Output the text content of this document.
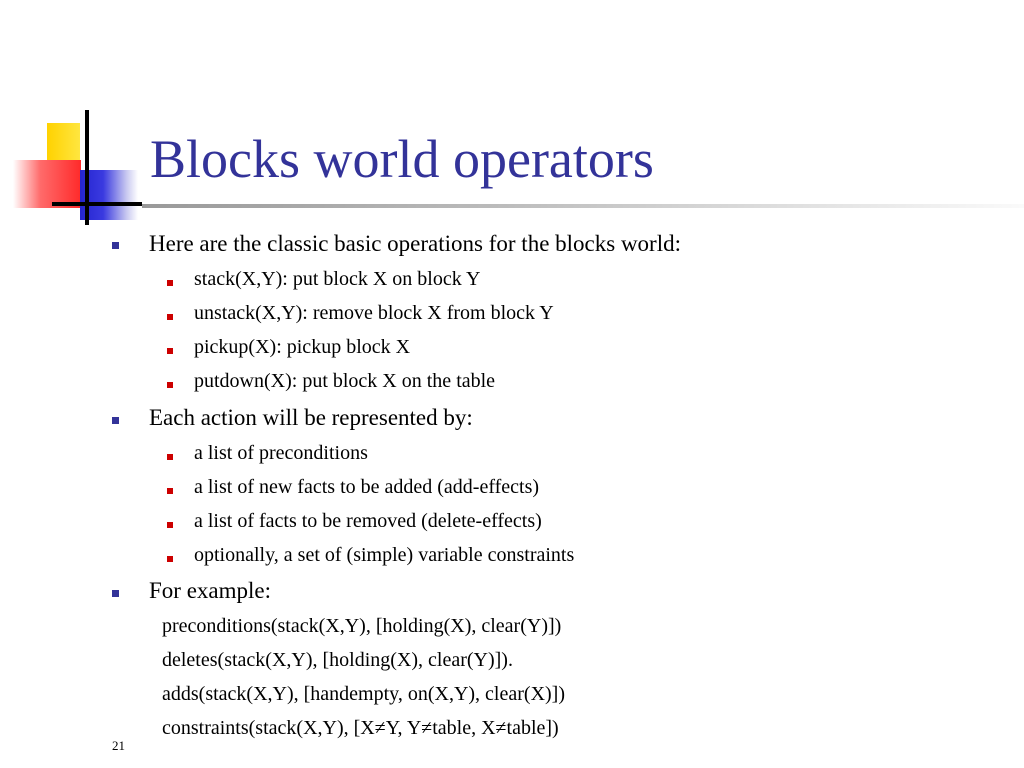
Blocks world operators
Here are the classic basic operations for the blocks world:
stack(X,Y): put block X on block Y
unstack(X,Y): remove block X from block Y
pickup(X): pickup block X
putdown(X): put block X on the table
Each action will be represented by:
a list of preconditions
a list of new facts to be added (add-effects)
a list of facts to be removed (delete-effects)
optionally, a set of (simple) variable constraints
For example:
preconditions(stack(X,Y), [holding(X), clear(Y)])
deletes(stack(X,Y), [holding(X), clear(Y)]).
adds(stack(X,Y), [handempty, on(X,Y), clear(X)])
constraints(stack(X,Y), [X≠Y, Y≠table, X≠table])
21
